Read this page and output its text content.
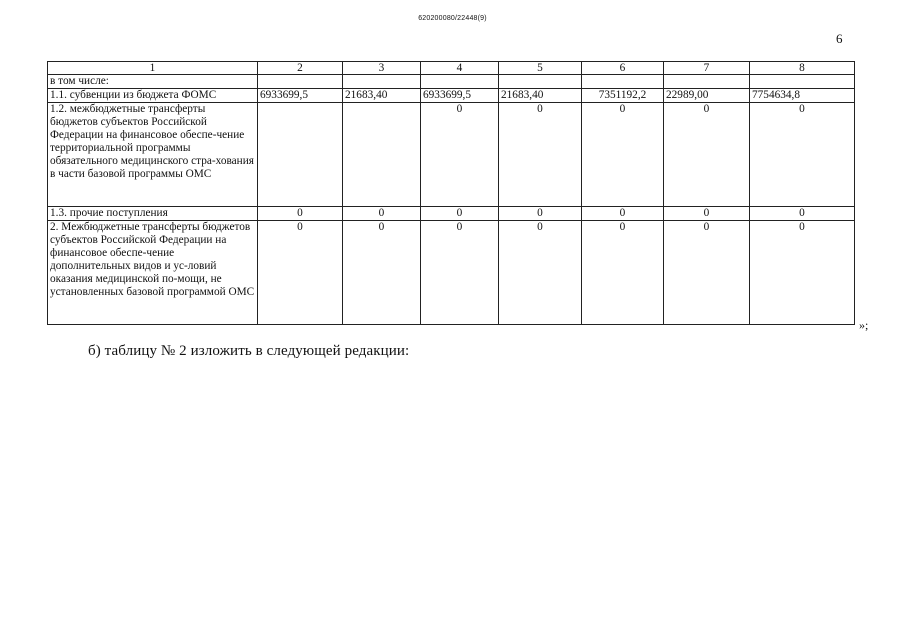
620200080/22448(9)
6
1	2	3	4	5	6	7	8
в том числе:							
1.1. субвенции из бюджета ФОМС	6933699,5	21683,40	6933699,5	21683,40	7351192,2	22989,00	7754634,8
1.2. межбюджетные трансферты бюджетов субъектов Российской Федерации на финансовое обеспе-чение территориальной программы обязательного медицинского стра-хования в части базовой программы ОМС			0	0	0	0	0
1.3. прочие поступления	0	0	0	0	0	0	0
2. Межбюджетные трансферты бюджетов субъектов Российской Федерации на финансовое обеспе-чение дополнительных видов и ус-ловий оказания медицинской по-мощи, не установленных базовой программой ОМС	0	0	0	0	0	0	0
»;
б) таблицу № 2 изложить в следующей редакции:
